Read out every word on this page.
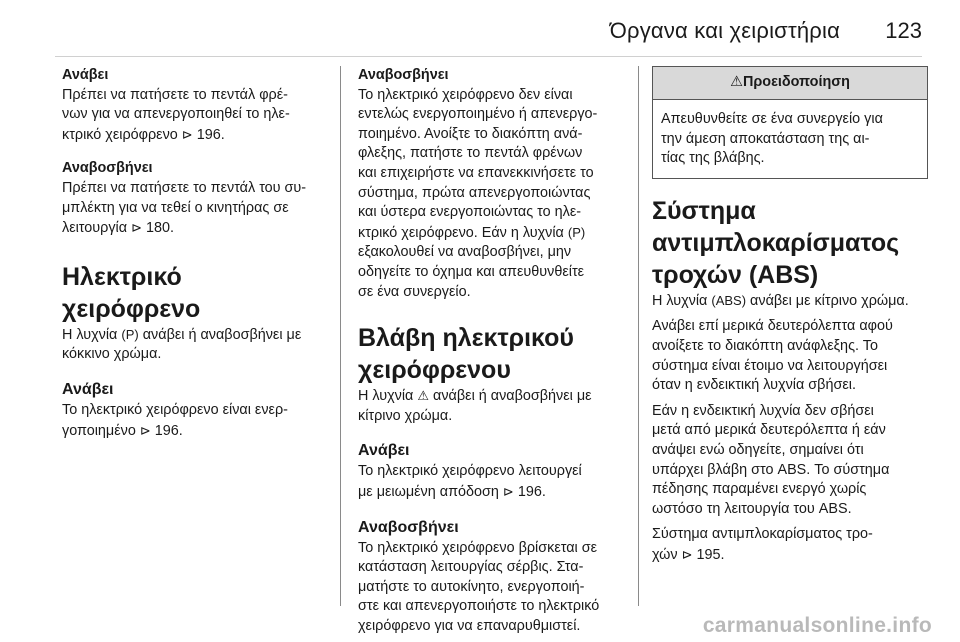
Όργανα και χειριστήρια 123
Ανάβει

Πρέπει να πατήσετε το πεντάλ φρέ-
νων για να απενεργοποιηθεί το ηλε-
κτρικό χειρόφρενο ⊳ 196.

Αναβοσβήνει

Πρέπει να πατήσετε το πεντάλ του συ-
μπλέκτη για να τεθεί ο κινητήρας σε
λειτουργία ⊳ 180.

Ηλεκτρικό χειρόφρενο

Η λυχνία (P) ανάβει ή αναβοσβήνει με
κόκκινο χρώμα.

Ανάβει

Το ηλεκτρικό χειρόφρενο είναι ενερ-
γοποιημένο ⊳ 196.

Αναβοσβήνει

Το ηλεκτρικό χειρόφρενο δεν είναι
εντελώς ενεργοποιημένο ή απενεργο-
ποιημένο. Ανοίξτε το διακόπτη ανά-
φλεξης, πατήστε το πεντάλ φρένων
και επιχειρήστε να επανεκκινήσετε το
σύστημα, πρώτα απενεργοποιώντας
και ύστερα ενεργοποιώντας το ηλε-
κτρικό χειρόφρενο. Εάν η λυχνία (P)
εξακολουθεί να αναβοσβήνει, μην
οδηγείτε το όχημα και απευθυνθείτε
σε ένα συνεργείο.

Βλάβη ηλεκτρικού
χειρόφρενου

Η λυχνία ⚠ ανάβει ή αναβοσβήνει με
κίτρινο χρώμα.

Ανάβει

Το ηλεκτρικό χειρόφρενο λειτουργεί
με μειωμένη απόδοση ⊳ 196.

Αναβοσβήνει

Το ηλεκτρικό χειρόφρενο βρίσκεται σε
κατάσταση λειτουργίας σέρβις. Στα-
ματήστε το αυτοκίνητο, ενεργοποιή-
στε και απενεργοποιήστε το ηλεκτρικό
χειρόφρενο για να επαναρυθμιστεί.

⚠ Προειδοποίηση
Απευθυνθείτε σε ένα συνεργείο για
την άμεση αποκατάσταση της αι-
τίας της βλάβης.
Σύστημα
αντιμπλοκαρίσματος
τροχών (ABS)

Η λυχνία (ABS) ανάβει με κίτρινο χρώμα.

Ανάβει επί μερικά δευτερόλεπτα αφού
ανοίξετε το διακόπτη ανάφλεξης. Το
σύστημα είναι έτοιμο να λειτουργήσει
όταν η ενδεικτική λυχνία σβήσει.

Εάν η ενδεικτική λυχνία δεν σβήσει
μετά από μερικά δευτερόλεπτα ή εάν
ανάψει ενώ οδηγείτε, σημαίνει ότι
υπάρχει βλάβη στο ABS. Το σύστημα
πέδησης παραμένει ενεργό χωρίς
ωστόσο τη λειτουργία του ABS.

Σύστημα αντιμπλοκαρίσματος τρο-
χών ⊳ 195.

carmanualsonline.info
